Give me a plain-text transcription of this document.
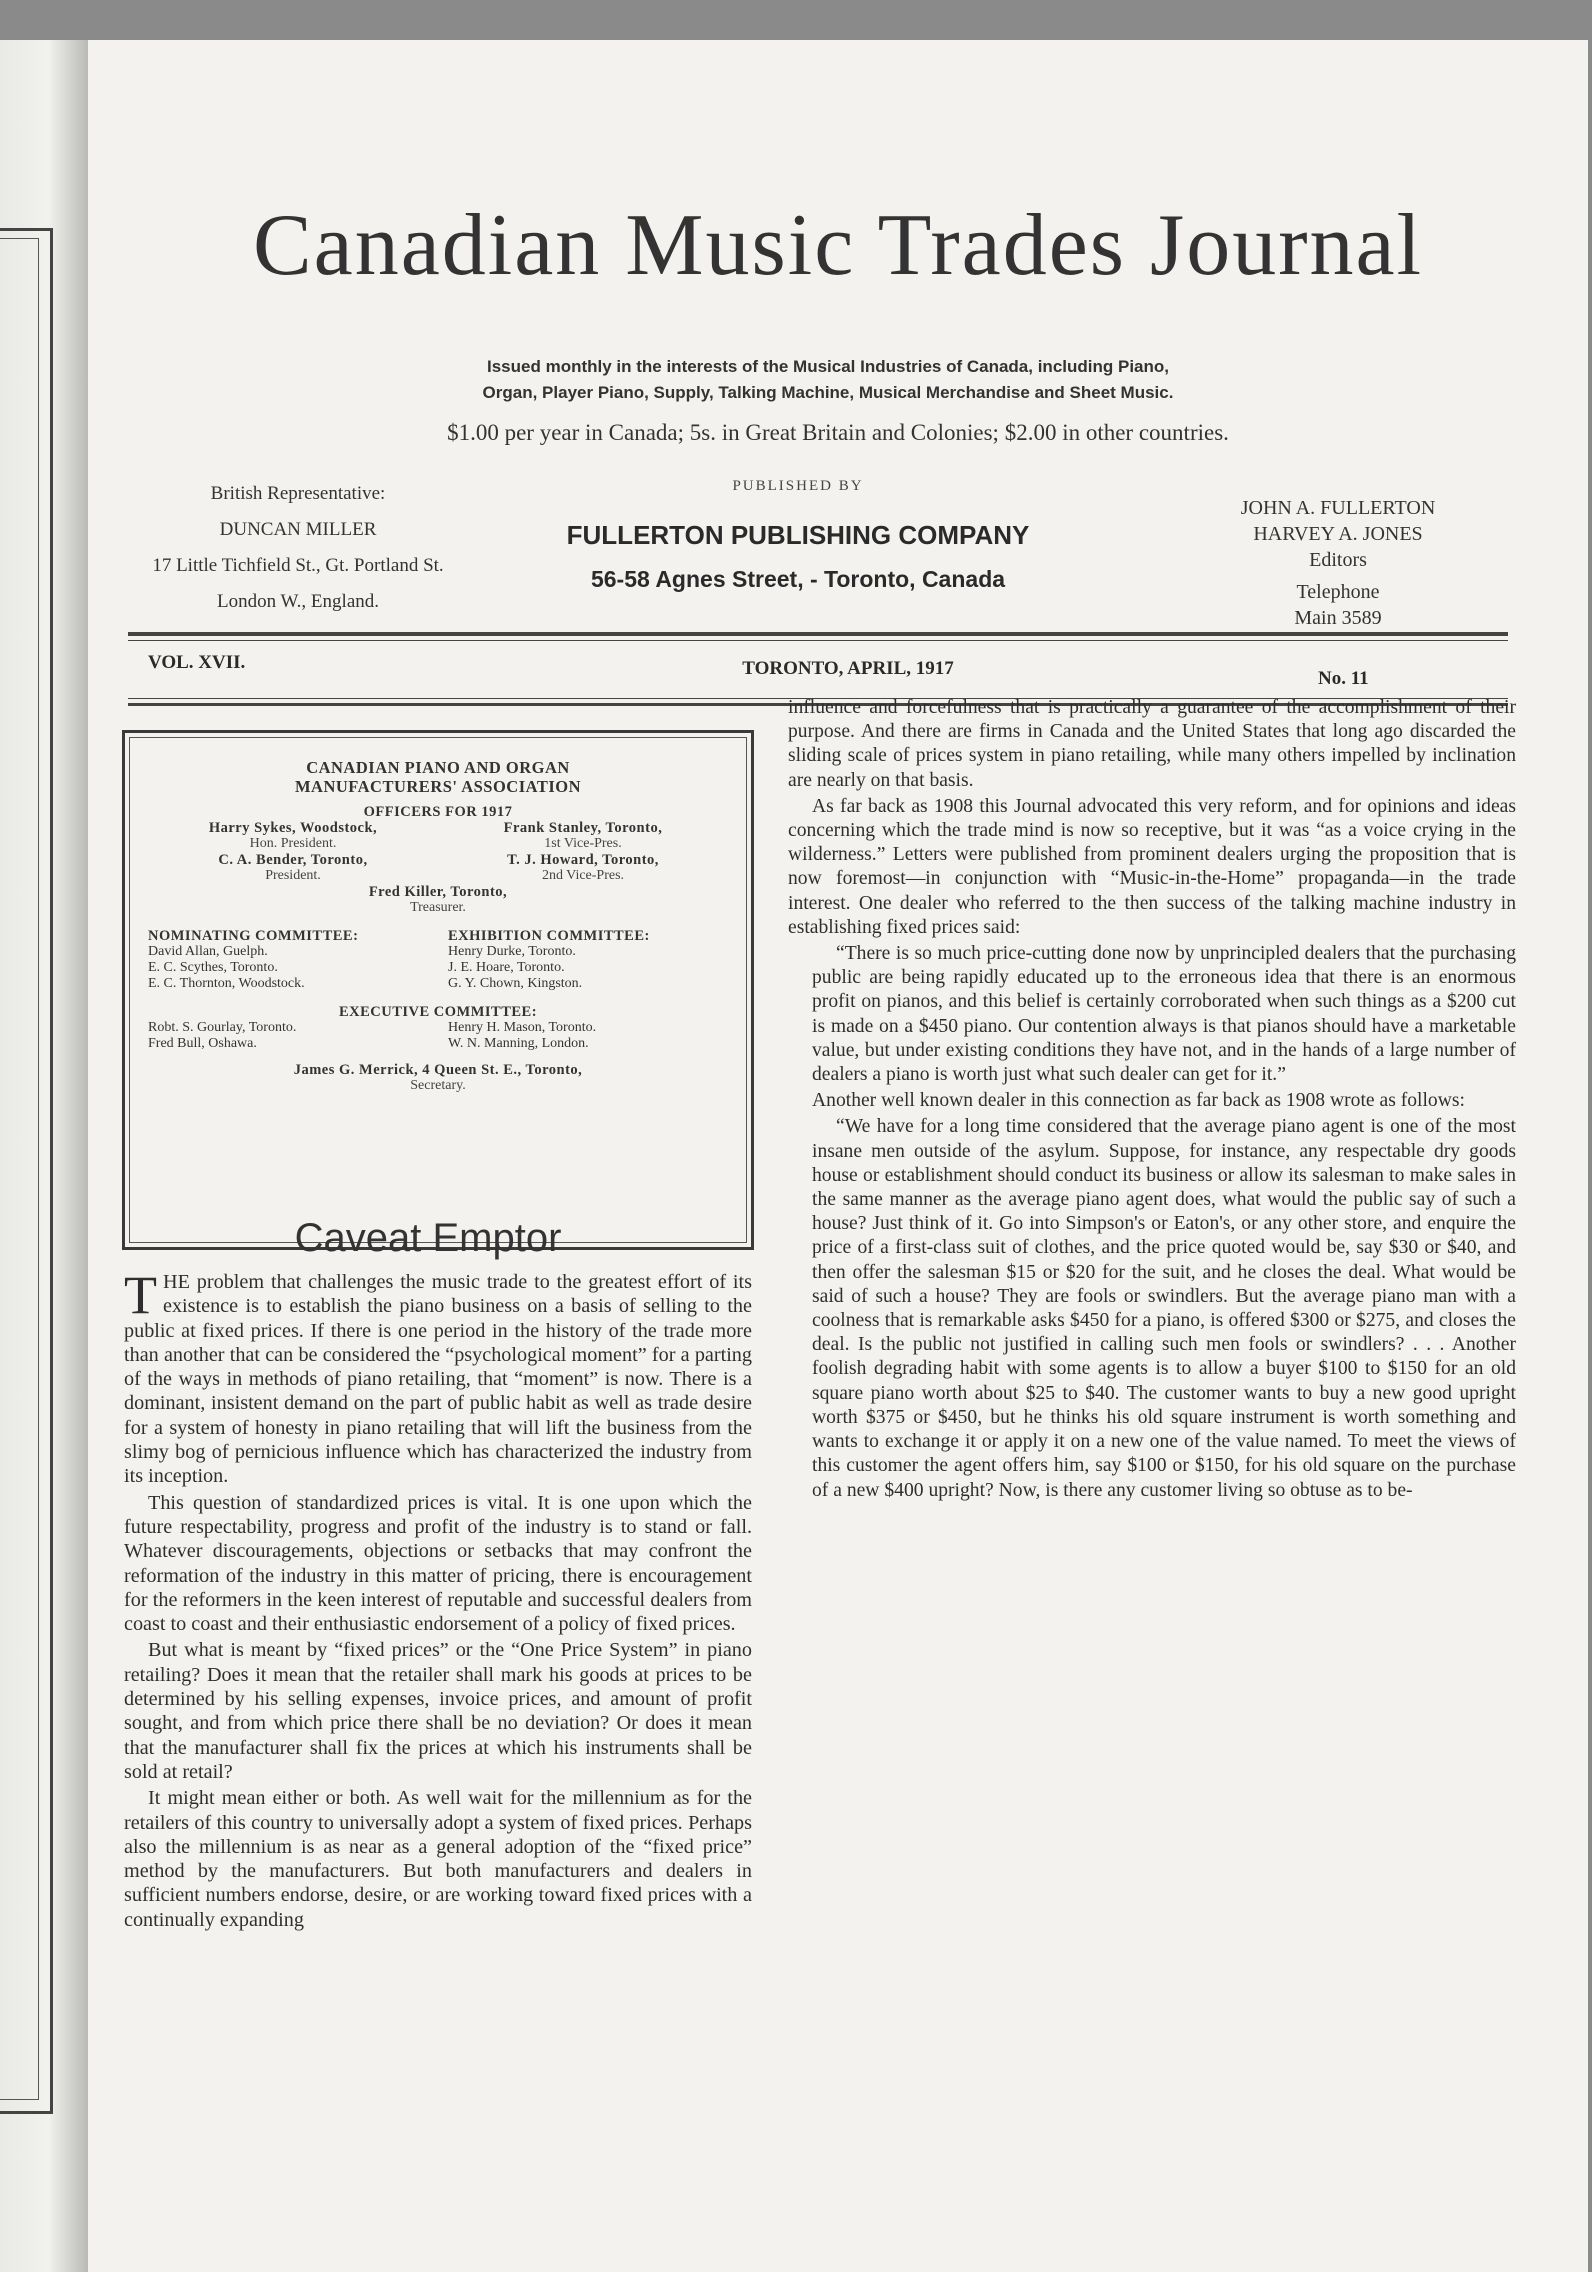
Canadian Music Trades Journal
Issued monthly in the interests of the Musical Industries of Canada, including Piano,
Organ, Player Piano, Supply, Talking Machine, Musical Merchandise and Sheet Music.
$1.00 per year in Canada; 5s. in Great Britain and Colonies; $2.00 in other countries.
British Representative:
DUNCAN MILLER
17 Little Tichfield St., Gt. Portland St.
London W., England.
PUBLISHED BY
FULLERTON PUBLISHING COMPANY
56-58 Agnes Street, - Toronto, Canada
JOHN A. FULLERTON
HARVEY A. JONES
Editors
Telephone
Main 3589
VOL. XVII.	TORONTO, APRIL, 1917	No. 11
CANADIAN PIANO AND ORGAN
MANUFACTURERS' ASSOCIATION
OFFICERS FOR 1917
Harry Sykes, Woodstock,
Hon. President.
Frank Stanley, Toronto,
1st Vice-Pres.
C. A. Bender, Toronto,
President.
T. J. Howard, Toronto,
2nd Vice-Pres.
Fred Killer, Toronto,
Treasurer.
NOMINATING COMMITTEE:
David Allan, Guelph.
E. C. Scythes, Toronto.
E. C. Thornton, Woodstock.
EXHIBITION COMMITTEE:
Henry Durke, Toronto.
J. E. Hoare, Toronto.
G. Y. Chown, Kingston.
EXECUTIVE COMMITTEE:
Robt. S. Gourlay, Toronto.
Fred Bull, Oshawa.
Henry H. Mason, Toronto.
W. N. Manning, London.
James G. Merrick, 4 Queen St. E., Toronto,
Secretary.
Caveat Emptor

THE problem that challenges the music trade to the greatest effort of its existence is to establish the piano business on a basis of selling to the public at fixed prices. If there is one period in the history of the trade more than another that can be considered the “psychological moment” for a parting of the ways in methods of piano retailing, that “moment” is now. There is a dominant, insistent demand on the part of public habit as well as trade desire for a system of honesty in piano retailing that will lift the business from the slimy bog of pernicious influence which has characterized the industry from its inception.

This question of standardized prices is vital. It is one upon which the future respectability, progress and profit of the industry is to stand or fall. Whatever discouragements, objections or setbacks that may confront the reformation of the industry in this matter of pricing, there is encouragement for the reformers in the keen interest of reputable and successful dealers from coast to coast and their enthusiastic endorsement of a policy of fixed prices.

But what is meant by “fixed prices” or the “One Price System” in piano retailing? Does it mean that the retailer shall mark his goods at prices to be determined by his selling expenses, invoice prices, and amount of profit sought, and from which price there shall be no deviation? Or does it mean that the manufacturer shall fix the prices at which his instruments shall be sold at retail?

It might mean either or both. As well wait for the millennium as for the retailers of this country to universally adopt a system of fixed prices. Perhaps also the millennium is as near as a general adoption of the “fixed price” method by the manufacturers. But both manufacturers and dealers in sufficient numbers endorse, desire, or are working toward fixed prices with a continually expanding

influence and forcefulness that is practically a guarantee of the accomplishment of their purpose. And there are firms in Canada and the United States that long ago discarded the sliding scale of prices system in piano retailing, while many others impelled by inclination are nearly on that basis.

As far back as 1908 this Journal advocated this very reform, and for opinions and ideas concerning which the trade mind is now so receptive, but it was “as a voice crying in the wilderness.” Letters were published from prominent dealers urging the proposition that is now foremost—in conjunction with “Music-in-the-Home” propaganda—in the trade interest. One dealer who referred to the then success of the talking machine industry in establishing fixed prices said:

“There is so much price-cutting done now by unprincipled dealers that the purchasing public are being rapidly educated up to the erroneous idea that there is an enormous profit on pianos, and this belief is certainly corroborated when such things as a $200 cut is made on a $450 piano. Our contention always is that pianos should have a marketable value, but under existing conditions they have not, and in the hands of a large number of dealers a piano is worth just what such dealer can get for it.”

Another well known dealer in this connection as far back as 1908 wrote as follows:

“We have for a long time considered that the average piano agent is one of the most insane men outside of the asylum. Suppose, for instance, any respectable dry goods house or establishment should conduct its business or allow its salesman to make sales in the same manner as the average piano agent does, what would the public say of such a house? Just think of it. Go into Simpson's or Eaton's, or any other store, and enquire the price of a first-class suit of clothes, and the price quoted would be, say $30 or $40, and then offer the salesman $15 or $20 for the suit, and he closes the deal. What would be said of such a house? They are fools or swindlers. But the average piano man with a coolness that is remarkable asks $450 for a piano, is offered $300 or $275, and closes the deal. Is the public not justified in calling such men fools or swindlers? . . . Another foolish degrading habit with some agents is to allow a buyer $100 to $150 for an old square piano worth about $25 to $40. The customer wants to buy a new good upright worth $375 or $450, but he thinks his old square instrument is worth something and wants to exchange it or apply it on a new one of the value named. To meet the views of this customer the agent offers him, say $100 or $150, for his old square on the purchase of a new $400 upright? Now, is there any customer living so obtuse as to be-
